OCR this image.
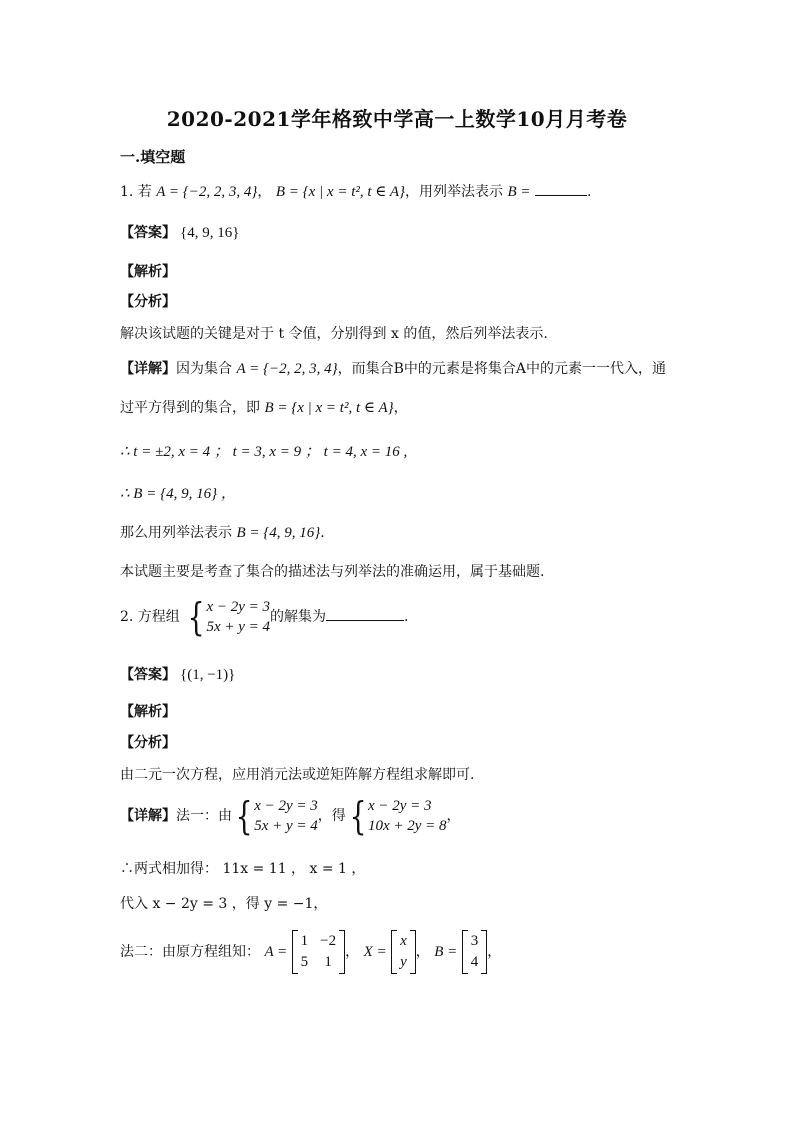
2020-2021学年格致中学高一上数学10月月考卷
一.填空题
1. 若 A = {−2, 2, 3, 4}， B = {x | x = t², t ∈ A}，用列举法表示 B =	.
【答案】 {4, 9, 16}
【解析】
【分析】
解决该试题的关键是对于 t 令值，分别得到 x 的值，然后列举法表示.
【详解】因为集合 A = {−2, 2, 3, 4}，而集合B中的元素是将集合A中的元素一一代入，通
过平方得到的集合，即 B = {x | x = t², t ∈ A}，
∴ t = ±2, x = 4 ； t = 3, x = 9 ； t = 4, x = 16 ,
∴ B = {4, 9, 16} ，
那么用列举法表示 B = {4, 9, 16}.
本试题主要是考查了集合的描述法与列举法的准确运用，属于基础题.
2. 方程组 { x − 2y = 3
5x + y = 4
的解集为	.
【答案】 {(1, −1)}
【解析】
【分析】
由二元一次方程，应用消元法或逆矩阵解方程组求解即可.
【详解】法一：由 { x − 2y = 3
5x + y = 4
，得 { x − 2y = 3
10x + 2y = 8
，
∴两式相加得： 11x = 11 ， x = 1 ，
代入 x − 2y = 3 ，得 y = −1，
法二：由原方程组知： A =
1 −2
5 1
， X =
x
y
， B =
3
4
，
